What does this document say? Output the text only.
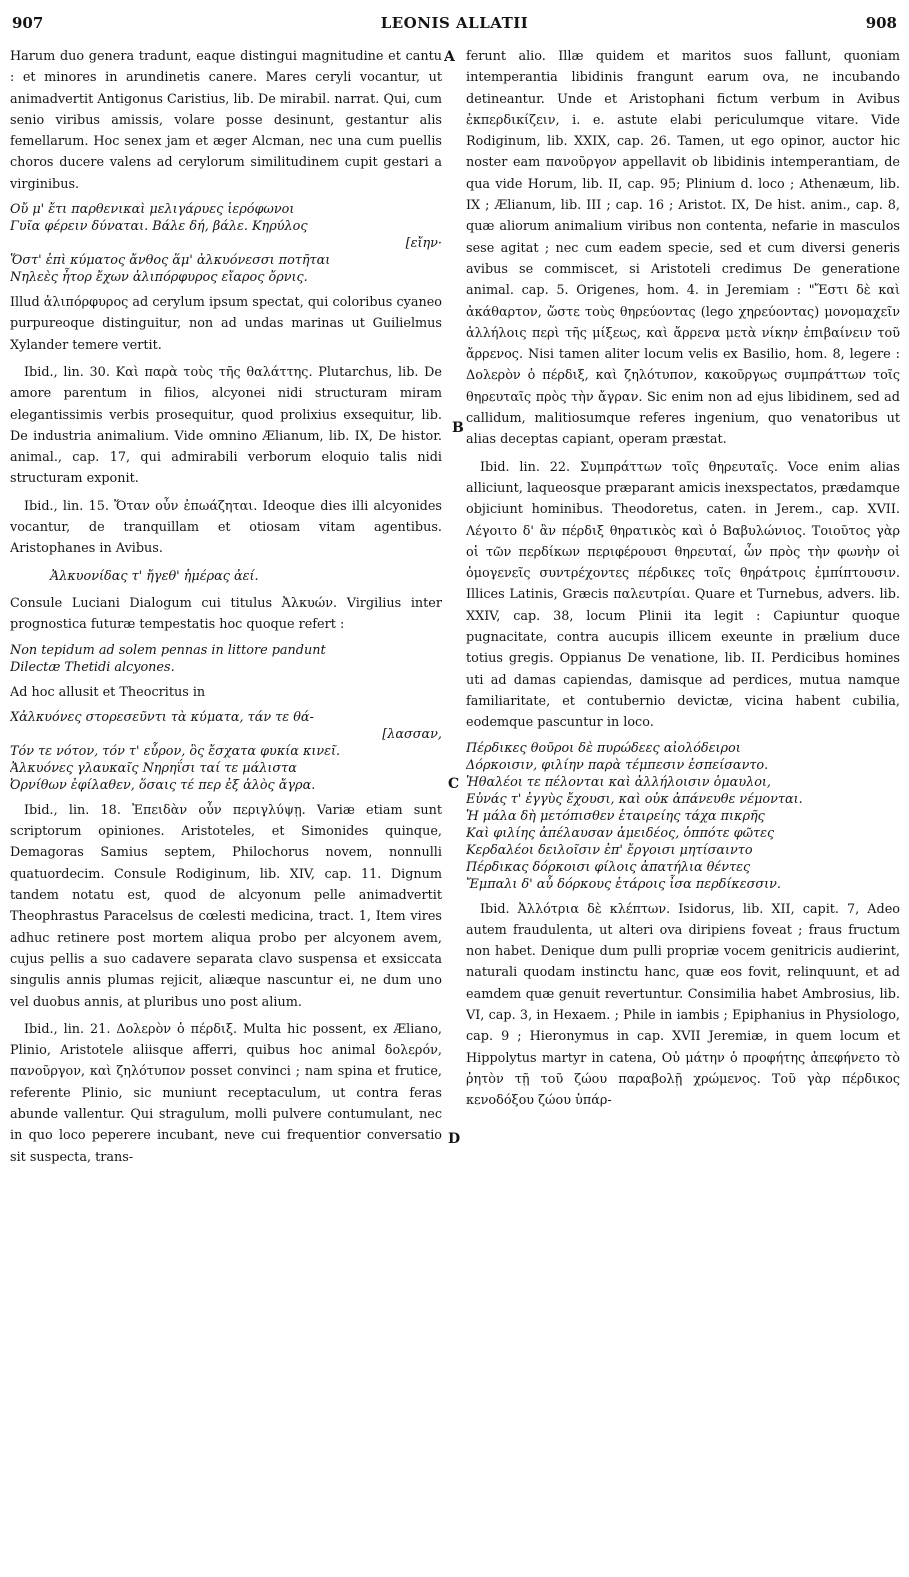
907	LEONIS ALLATII	908
A
B
C
D

Harum duo genera tradunt, eaque distingui magnitudine et cantu : et minores in arundinetis canere. Mares ceryli vocantur, ut animadvertit Antigonus Caristius, lib. De mirabil. narrat. Qui, cum senio viribus amissis, volare posse desinunt, gestantur alis femellarum. Hoc senex jam et æger Alcman, nec una cum puellis choros ducere valens ad cerylorum similitudinem cupit gestari a virginibus.

Οὔ μ' ἔτι παρθενικαὶ μελιγάρυες ἱερόφωνοι
Γυῖα φέρειν δύναται. Βάλε δή, βάλε. Κηρύλος
[εἴην·
Ὅστ' ἐπὶ κύματος ἄνθος ἅμ' ἀλκυόνεσσι ποτῆται
Νηλεὲς ἦτορ ἔχων ἁλιπόρφυρος εἴαρος ὄρνις.

Illud ἁλιπόρφυρος ad cerylum ipsum spectat, qui coloribus cyaneo purpureoque distinguitur, non ad undas marinas ut Guilielmus Xylander temere vertit.

Ibid., lin. 30. Καὶ παρὰ τοὺς τῆς θαλάττης. Plutarchus, lib. De amore parentum in filios, alcyonei nidi structuram miram elegantissimis verbis prosequitur, quod prolixius exsequitur, lib. De industria animalium. Vide omnino Ælianum, lib. IX, De histor. animal., cap. 17, qui admirabili verborum eloquio talis nidi structuram exponit.

Ibid., lin. 15. Ὅταν οὖν ἐπωάζηται. Ideoque dies illi alcyonides vocantur, de tranquillam et otiosam vitam agentibus. Aristophanes in Avibus.

Ἀλκυονίδας τ' ἤγεθ' ἡμέρας ἀεί.

Consule Luciani Dialogum cui titulus Ἀλκυών. Virgilius inter prognostica futuræ tempestatis hoc quoque refert :

Non tepidum ad solem pennas in littore pandunt
Dilectæ Thetidi alcyones.

Ad hoc allusit et Theocritus in

Χἀλκυόνες στορεσεῦντι τὰ κύματα, τάν τε θά-
[λασσαν,
Τόν τε νότον, τόν τ' εὖρον, ὃς ἔσχατα φυκία κινεῖ.
Ἀλκυόνες γλαυκαῖς Νηρηΐσι ταί τε μάλιστα
Ὀρνίθων ἐφίλαθεν, ὅσαις τέ περ ἐξ ἁλὸς ἄγρα.

Ibid., lin. 18. Ἐπειδὰν οὖν περιγλύψῃ. Variæ etiam sunt scriptorum opiniones. Aristoteles, et Simonides quinque, Demagoras Samius septem, Philochorus novem, nonnulli quatuordecim. Consule Rodiginum, lib. XIV, cap. 11. Dignum tandem notatu est, quod de alcyonum pelle animadvertit Theophrastus Paracelsus de cœlesti medicina, tract. 1, Item vires adhuc retinere post mortem aliqua probo per alcyonem avem, cujus pellis a suo cadavere separata clavo suspensa et exsiccata singulis annis plumas rejicit, aliæque nascuntur ei, ne dum uno vel duobus annis, at pluribus uno post alium.

Ibid., lin. 21. Δολερὸν ὁ πέρδιξ. Multa hic possent, ex Æliano, Plinio, Aristotele aliisque afferri, quibus hoc animal δολερόν, πανοῦργον, καὶ ζηλότυπον posset convinci ; nam spina et frutice, referente Plinio, sic muniunt receptaculum, ut contra feras abunde vallentur. Qui stragulum, molli pulvere contumulant, nec in quo loco peperere incubant, neve cui frequentior conversatio sit suspecta, trans-

ferunt alio. Illæ quidem et maritos suos fallunt, quoniam intemperantia libidinis frangunt earum ova, ne incubando detineantur. Unde et Aristophani fictum verbum in Avibus ἐκπερδικίζειν, i. e. astute elabi periculumque vitare. Vide Rodiginum, lib. XXIX, cap. 26. Tamen, ut ego opinor, auctor hic noster eam πανοῦργον appellavit ob libidinis intemperantiam, de qua vide Horum, lib. II, cap. 95; Plinium d. loco ; Athenæum, lib. IX ; Ælianum, lib. III ; cap. 16 ; Aristot. IX, De hist. anim., cap. 8, quæ aliorum animalium viribus non contenta, nefarie in masculos sese agitat ; nec cum eadem specie, sed et cum diversi generis avibus se commiscet, si Aristoteli credimus De generatione animal. cap. 5. Origenes, hom. 4. in Jeremiam : "Ἔστι δὲ καὶ ἀκάθαρτον, ὥστε τοὺς θηρεύοντας (lego χηρεύοντας) μονομαχεῖν ἀλλήλοις περὶ τῆς μίξεως, καὶ ἄρρενα μετὰ νίκην ἐπιβαίνειν τοῦ ἄρρενος. Nisi tamen aliter locum velis ex Basilio, hom. 8, legere : Δολερὸν ὁ πέρδιξ, καὶ ζηλότυπον, κακοῦργως συμπράττων τοῖς θηρευταῖς πρὸς τὴν ἄγραν. Sic enim non ad ejus libidinem, sed ad callidum, malitiosumque referes ingenium, quo venatoribus ut alias deceptas capiant, operam præstat.

Ibid. lin. 22. Συμπράττων τοῖς θηρευταῖς. Voce enim alias alliciunt, laqueosque præparant amicis inexspectatos, prædamque objiciunt hominibus. Theodoretus, caten. in Jerem., cap. XVII. Λέγοιτο δ' ἂν πέρδιξ θηρατικὸς καὶ ὁ Βαβυλώνιος. Τοιοῦτος γὰρ οἱ τῶν περδίκων περιφέρουσι θηρευταί, ὧν πρὸς τὴν φωνὴν οἱ ὁμογενεῖς συντρέχοντες πέρδικες τοῖς θηράτροις ἐμπίπτουσιν. Illices Latinis, Græcis παλευτρίαι. Quare et Turnebus, advers. lib. XXIV, cap. 38, locum Plinii ita legit : Capiuntur quoque pugnacitate, contra aucupis illicem exeunte in prælium duce totius gregis. Oppianus De venatione, lib. II. Perdicibus homines uti ad damas capiendas, damisque ad perdices, mutua namque familiaritate, et contubernio devictæ, vicina habent cubilia, eodemque pascuntur in loco.

Πέρδικες θοῦροι δὲ πυρώδεες αἰολόδειροι
Δόρκοισιν, φιλίην παρὰ τέμπεσιν ἐσπείσαντο.
Ἠθαλέοι τε πέλονται καὶ ἀλλήλοισιν ὁμαυλοι,
Εὐνάς τ' ἐγγὺς ἔχουσι, καὶ οὐκ ἀπάνευθε νέμονται.
Ἡ μάλα δὴ μετόπισθεν ἑταιρείης τάχα πικρῆς
Καὶ φιλίης ἀπέλαυσαν ἀμειδέος, ὁππότε φῶτες
Κερδαλέοι δειλοῖσιν ἐπ' ἔργοισι μητίσαιντο
Πέρδικας δόρκοισι φίλοις ἀπατήλια θέντες
Ἔμπαλι δ' αὖ δόρκους ἑτάροις ἶσα περδίκεσσιν.

Ibid. Ἀλλότρια δὲ κλέπτων. Isidorus, lib. XII, capit. 7, Adeo autem fraudulenta, ut alteri ova diripiens foveat ; fraus fructum non habet. Denique dum pulli propriæ vocem genitricis audierint, naturali quodam instinctu hanc, quæ eos fovit, relinquunt, et ad eamdem quæ genuit revertuntur. Consimilia habet Ambrosius, lib. VI, cap. 3, in Hexaem. ; Phile in iambis ; Epiphanius in Physiologo, cap. 9 ; Hieronymus in cap. XVII Jeremiæ, in quem locum et Hippolytus martyr in catena, Οὐ μάτην ὁ προφήτης ἀπεφήνετο τὸ ῥητὸν τῇ τοῦ ζώου παραβολῇ χρώμενος. Τοῦ γὰρ πέρδικος κενοδόξου ζώου ὑπάρ-
